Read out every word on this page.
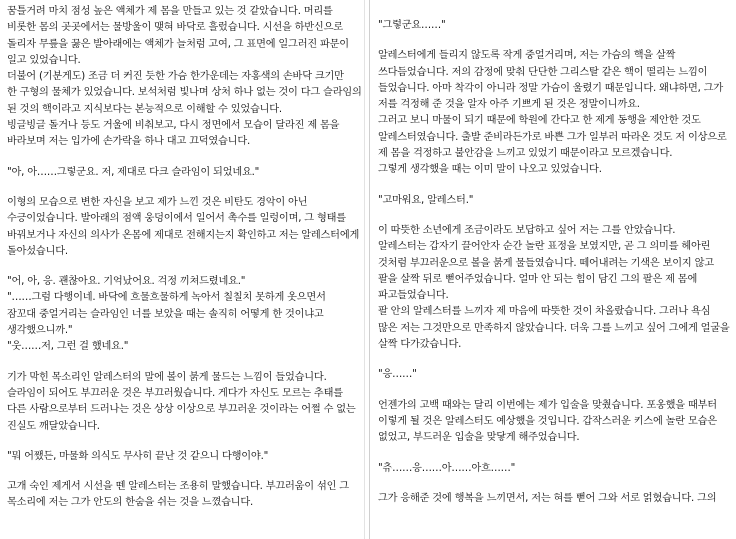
꿈틀거려 마치 점성 높은 액체가 제 몸을 만들고 있는 것 같았습니다. 머리를
비롯한 몸의 곳곳에서는 물방울이 맺혀 바닥로 흘렀습니다. 시선을 하반신으로
돌리자 무릎을 꿇은 발아래에는 액체가 늘처럼 고여, 그 표면에 일그러진 파문이
일고 있었습니다.
더불어 (기분게도) 조금 더 커진 듯한 가슴 한가운데는 자홍색의 손바닥 크기만
한 구형의 물체가 있었습니다. 보석처럼 빛나며 상처 하나 없는 것이 다그 슬라임의
된 것의 핵이라고 지식보다는 본능적으로 이해할 수 있었습니다.
빙글빙글 돌거나 등도 거울에 비춰보고, 다시 정면에서 모습이 달라진 제 몸을
바라보며 저는 입가에 손가락을 하나 대고 끄덕였습니다.
"아, 아……그렇군요. 저, 제대로 다크 슬라임이 되었네요."
이형의 모습으로 변한 자신을 보고 제가 느낀 것은 비탄도 경악이 아닌
수긍이었습니다. 발아래의 점액 웅덩이에서 일어서 촉수를 일렁이며, 그 형태를
바꿔보거나 자신의 의사가 온몸에 제대로 전해지는지 확인하고 저는 알레스터에게
돌아섰습니다.
"어, 아, 응. 괜찮아요. 기억났어요. 걱정 끼쳐드렸네요."
"……그럼 다행이네. 바닥에 흐물흐물하게 녹아서 칠칠치 못하게 옷으면서
잠꼬대 중얼거리는 슬라임인 너를 보았을 때는 솔직히 어떻게 한 것이냐고
생각했으니까."
"웃……저, 그런 걸 했네요."
기가 막힌 목소리인 알레스터의 말에 볼이 붉게 물드는 느낌이 들었습니다.
슬라임이 되어도 부끄러운 것은 부끄러웠습니다. 게다가 자신도 모르는 추태를
다른 사람으로부터 드러나는 것은 상상 이상으로 부끄러운 것이라는 어쩔 수 없는
진실도 깨달았습니다.
"뭐 어쨌든, 마물화 의식도 무사히 끝난 것 같으니 다행이야."
고개 숙인 제게서 시선을 뗀 알레스터는 조용히 말했습니다. 부끄러움이 섞인 그
목소리에 저는 그가 안도의 한숨을 쉬는 것을 느꼈습니다.
"그렇군요……"
알레스터에게 들리지 않도록 작게 중얼거리며, 저는 가슴의 핵을 살짝
쓰다듬었습니다. 저의 감정에 맞춰 단단한 그리스탈 같은 핵이 떨리는 느낌이
들었습니다. 아마 착각이 아니라 정말 가슴이 울렸기 때문입니다. 왜냐하면, 그가
저를 걱정해 준 것을 알자 아주 기쁘게 된 것은 정말이니까요.
그러고 보니 마물이 되기 때문에 학원에 간다고 한 제게 동행을 제안한 것도
알레스터였습니다. 출발 준비라든가로 바쁜 그가 일부러 따라온 것도 저 이상으로
제 몸을 걱정하고 불안감을 느끼고 있었기 때문이라고 모르겠습니다.
그렇게 생각했을 때는 이미 말이 나오고 있었습니다.
"고마워요, 알레스터."
이 따뜻한 소년에게 조금이라도 보답하고 싶어 저는 그를 안았습니다.
알레스터는 갑자기 끌어안자 순간 놀란 표정을 보였지만, 곧 그 의미를 헤아린
것처럼 부끄러운으로 볼을 붉게 물들였습니다. 떼어내려는 기색은 보이지 않고
팔을 살짝 뒤로 뻗어주었습니다. 얼마 안 되는 힘이 담긴 그의 팔은 제 몸에
파고들었습니다.
팔 안의 알레스터를 느끼자 제 마음에 따뜻한 것이 차올랐습니다. 그러나 욕심
많은 저는 그것만으로 만족하지 않았습니다. 더욱 그를 느끼고 싶어 그에게 얼굴을
살짝 다가갔습니다.
"응……"
언젠가의 고백 때와는 달리 이번에는 제가 입술을 맞췄습니다. 포옹했을 때부터
이렇게 될 것은 알레스터도 예상했을 것입니다. 갑작스러운 키스에 놀란 모습은
없었고, 부드러운 입술을 맞닿게 해주었습니다.
"츄……응……아……아흐……"
그가 응해준 것에 행복을 느끼면서, 저는 혀를 뻗어 그와 서로 얽혔습니다. 그의
